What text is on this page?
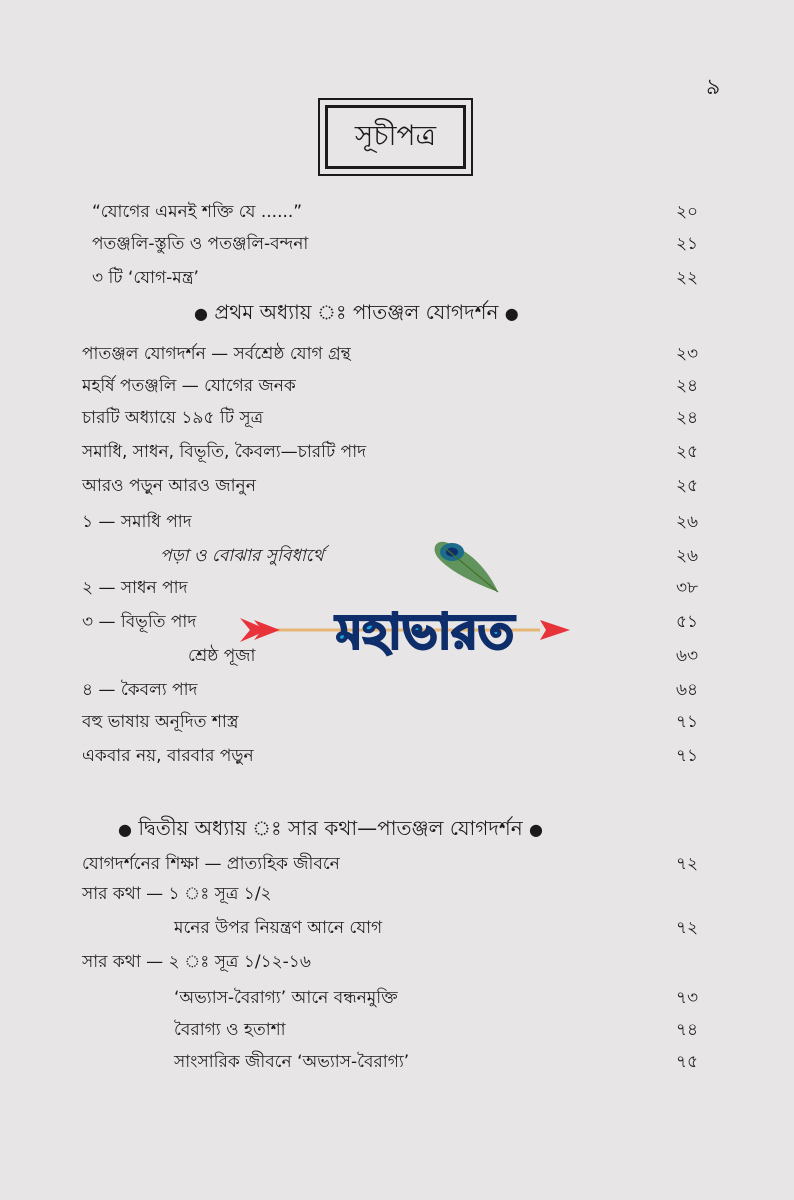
৯
সূচীপত্র
“যোগের এমনই শক্তি যে ......”	২০
পতঞ্জলি-স্তুতি ও পতঞ্জলি-বন্দনা	২১
৩ টি ‘যোগ-মন্ত্র’	২২
● প্রথম অধ্যায় ঃ পাতঞ্জল যোগদর্শন ●
পাতঞ্জল যোগদর্শন — সর্বশ্রেষ্ঠ যোগ গ্রন্থ	২৩
মহর্ষি পতঞ্জলি — যোগের জনক	২৪
চারটি অধ্যায়ে ১৯৫ টি সূত্র	২৪
সমাধি, সাধন, বিভূতি, কৈবল্য—চারটি পাদ	২৫
আরও পড়ুন আরও জানুন	২৫
১ — সমাধি পাদ	২৬
পড়া ও বোঝার সুবিধার্থে	২৬
২ — সাধন পাদ	৩৮
৩ — বিভূতি পাদ	৫১
শ্রেষ্ঠ পূজা	৬৩
৪ — কৈবল্য পাদ	৬৪
বহু ভাষায় অনূদিত শাস্ত্র	৭১
একবার নয়, বারবার পড়ুন	৭১
● দ্বিতীয় অধ্যায় ঃ সার কথা—পাতঞ্জল যোগদর্শন ●
যোগদর্শনের শিক্ষা — প্রাত্যহিক জীবনে	৭২
সার কথা — ১ ঃ সূত্র ১/২
মনের উপর নিয়ন্ত্রণ আনে যোগ	৭২
সার কথা — ২ ঃ সূত্র ১/১২-১৬
‘অভ্যাস-বৈরাগ্য’ আনে বন্ধনমুক্তি	৭৩
বৈরাগ্য ও হতাশা	৭৪
সাংসারিক জীবনে ‘অভ্যাস-বৈরাগ্য’	৭৫
মহাভারত
